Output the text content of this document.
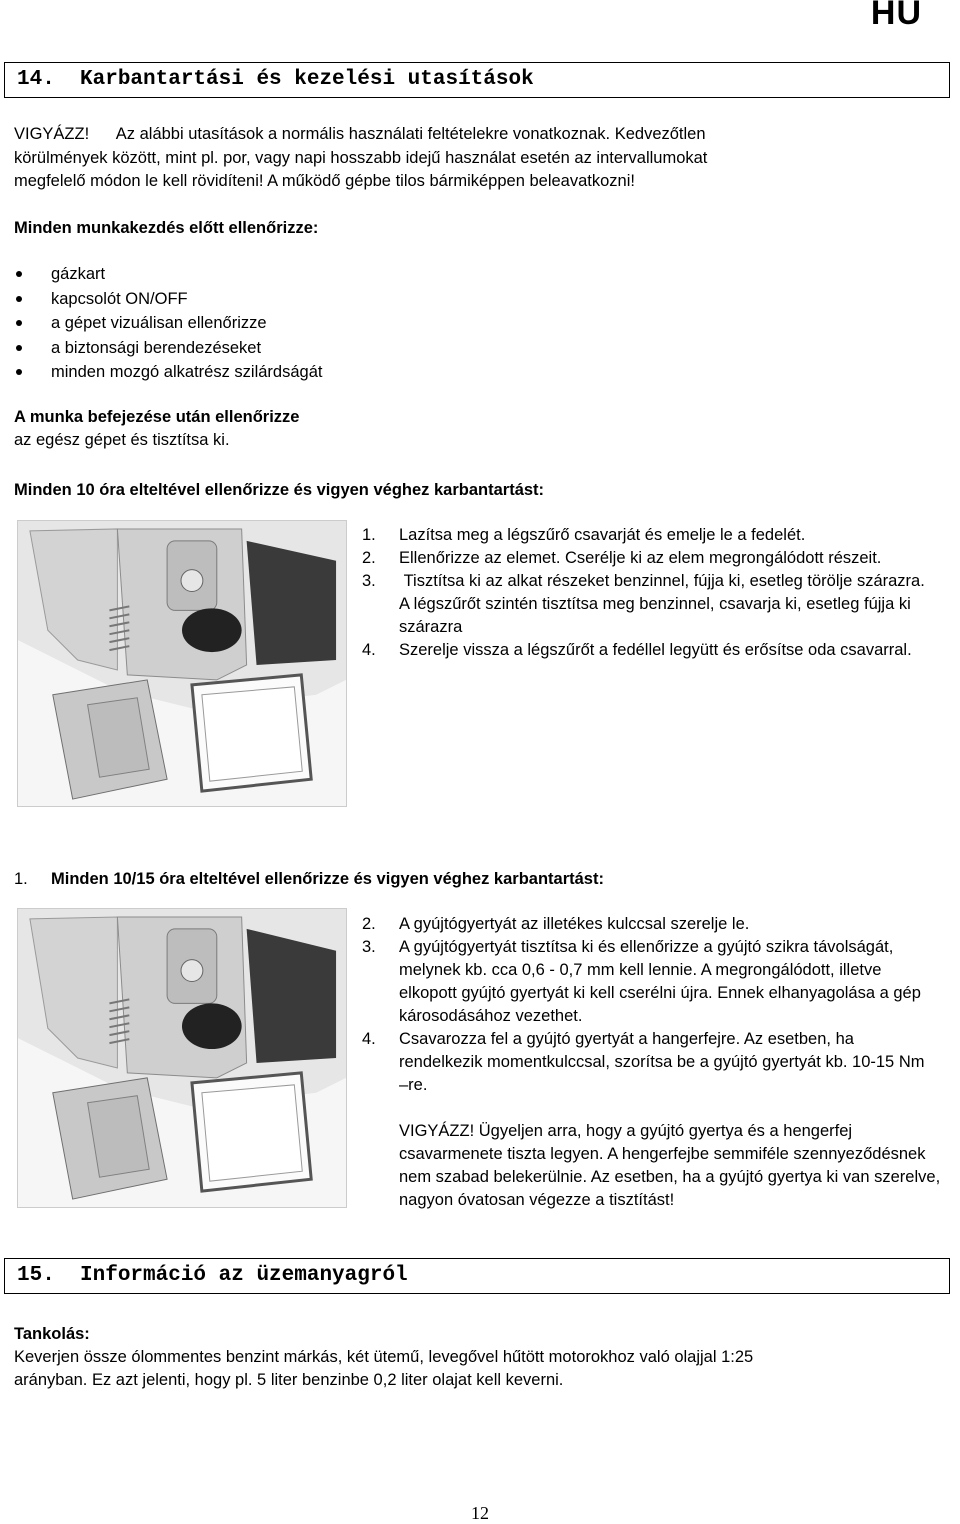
HU
14.  Karbantartási és kezelési utasítások
VIGYÁZZ!      Az alábbi utasítások a normális használati feltételekre vonatkoznak. Kedvezőtlen
körülmények között, mint pl. por, vagy napi hosszabb idejű használat esetén az intervallumokat
megfelelő módon le kell rövidíteni! A működő gépbe tilos bármiképpen beleavatkozni!
Minden munkakezdés előtt ellenőrizze:
gázkart
kapcsolót ON/OFF
a gépet vizuálisan ellenőrizze
a biztonsági berendezéseket
minden mozgó alkatrész szilárdságát
A munka befejezése után ellenőrizze
az egész gépet és tisztítsa ki.
Minden 10 óra elteltével ellenőrizze és vigyen véghez karbantartást:
1. Lazítsa meg a légszűrő csavarját és emelje le a fedelét.
2. Ellenőrizze az elemet. Cserélje ki az elem megrongálódott részeit.
3. Tisztítsa ki az alkat részeket benzinnel, fújja ki, esetleg törölje szárazra. A légszűrőt szintén tisztítsa meg benzinnel, csavarja ki, esetleg fújja ki szárazra
4. Szerelje vissza a légszűrőt a fedéllel legyütt és erősítse oda csavarral.
1. Minden 10/15 óra elteltével ellenőrizze és vigyen véghez karbantartást:
2. A gyújtógyertyát az illetékes kulccsal szerelje le.
3. A gyújtógyertyát tisztítsa ki és ellenőrizze a gyújtó szikra távolságát, melynek kb. cca 0,6 - 0,7 mm kell lennie. A megrongálódott, illetve elkopott gyújtó gyertyát ki kell cserélni újra. Ennek elhanyagolása a gép károsodásához vezethet.
4. Csavarozza fel a gyújtó gyertyát a hangerfejre. Az esetben, ha rendelkezik momentkulccsal, szorítsa be a gyújtó gyertyát kb. 10-15 Nm –re.
VIGYÁZZ! Ügyeljen arra, hogy a gyújtó gyertya és a hengerfej csavarmenete tiszta legyen. A hengerfejbe semmiféle szennyeződésnek nem szabad belekerülnie. Az esetben, ha a gyújtó gyertya ki van szerelve, nagyon óvatosan végezze a tisztítást!
15.  Információ az üzemanyagról
Tankolás:
Keverjen össze ólommentes benzint márkás, két ütemű, levegővel hűtött motorokhoz való olajjal 1:25
arányban. Ez azt jelenti, hogy pl. 5 liter benzinbe 0,2 liter olajat kell keverni.
12
